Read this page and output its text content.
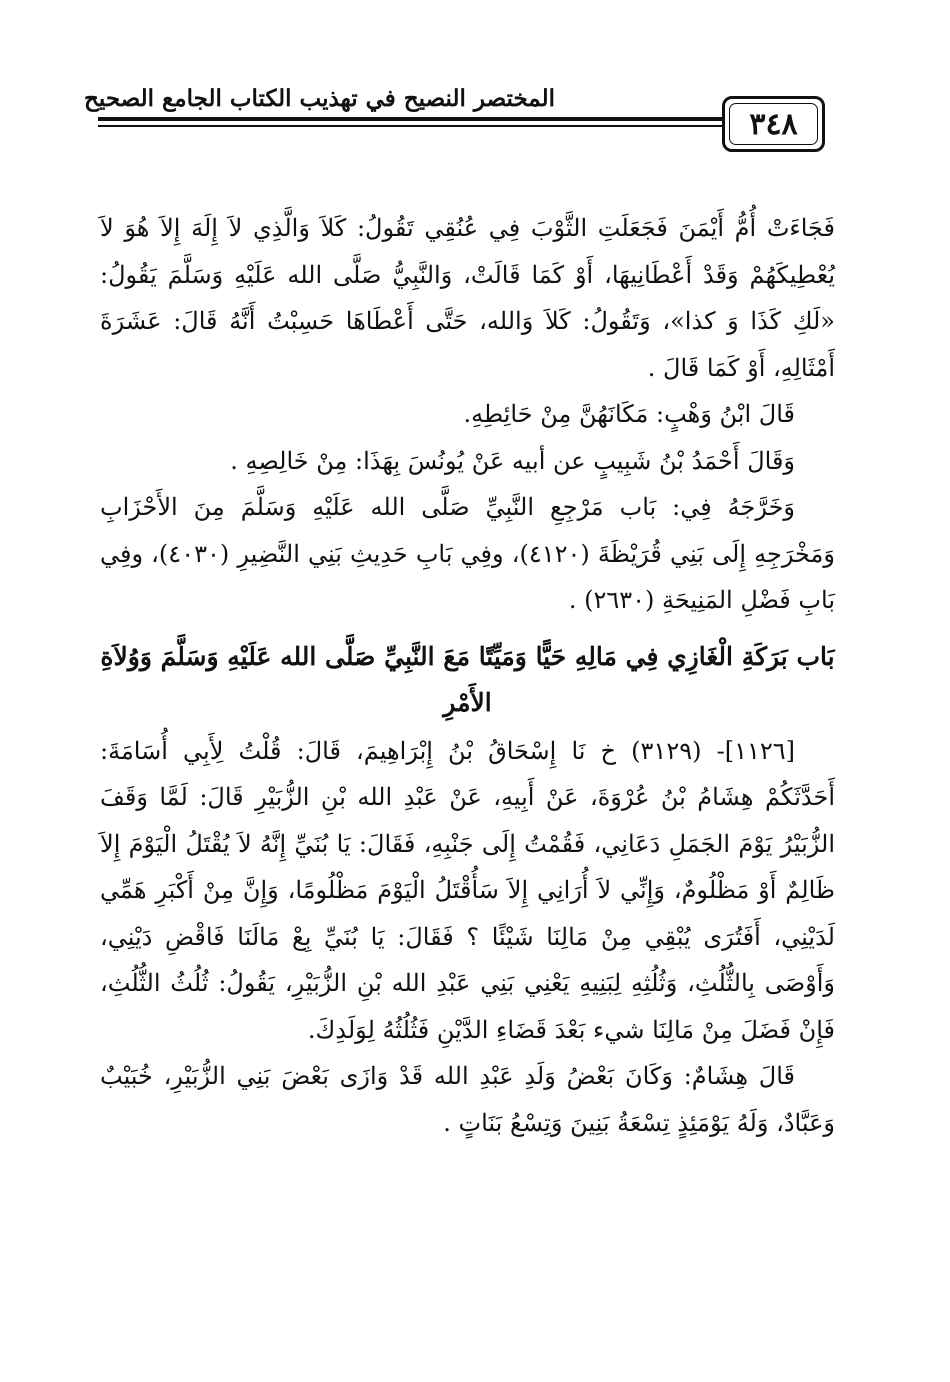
المختصر النصيح في تهذيب الكتاب الجامع الصحيح
٣٤٨

فَجَاءَتْ أُمُّ أَيْمَنَ فَجَعَلَتِ الثَّوْبَ فِي عُنُقِي تَقُولُ: كَلاَ وَالَّذِي لاَ إِلَهَ إِلاَ هُوَ لاَ يُعْطِيكَهُمْ وَقَدْ أَعْطَانِيهَا، أَوْ كَمَا قَالَتْ، وَالنَّبِيُّ صَلَّى الله عَلَيْهِ وَسَلَّمَ يَقُولُ: «لَكِ كَذَا وَ كذا»، وَتَقُولُ: كَلاَ وَالله، حَتَّى أَعْطَاهَا حَسِبْتُ أَنَّهُ قَالَ: عَشَرَةَ أَمْثَالِهِ، أَوْ كَمَا قَالَ .

قَالَ ابْنُ وَهْبٍ: مَكَانَهُنَّ مِنْ حَائِطِهِ.

وَقَالَ أَحْمَدُ بْنُ شَبِيبٍ عن أبيه عَنْ يُونُسَ بِهَذَا: مِنْ خَالِصِهِ .

وَخَرَّجَهُ فِي: بَاب مَرْجِعِ النَّبِيِّ صَلَّى الله عَلَيْهِ وَسَلَّمَ مِنَ الأَحْزَابِ وَمَخْرَجِهِ إِلَى بَنِي قُرَيْظَةَ (٤١٢٠)، وفِي بَابِ حَدِيثِ بَنِي النَّضِيرِ (٤٠٣٠)، وفِي بَابِ فَضْلِ المَنِيحَةِ (٢٦٣٠) .

بَاب بَرَكَةِ الْغَازِي فِي مَالِهِ حَيًّا وَمَيِّتًا مَعَ النَّبِيِّ صَلَّى الله عَلَيْهِ وَسَلَّمَ وَوُلاَةِ الأَمْرِ

[١١٢٦]- (٣١٢٩) خ نَا إِسْحَاقُ بْنُ إِبْرَاهِيمَ، قَالَ: قُلْتُ لِأَبِي أُسَامَةَ: أَحَدَّثَكُمْ هِشَامُ بْنُ عُرْوَةَ، عَنْ أَبِيهِ، عَنْ عَبْدِ الله بْنِ الزُّبَيْرِ قَالَ: لَمَّا وَقَفَ الزُّبَيْرُ يَوْمَ الجَمَلِ دَعَانِي، فَقُمْتُ إِلَى جَنْبِهِ، فَقَالَ: يَا بُنَيِّ إِنَّهُ لاَ يُقْتَلُ الْيَوْمَ إِلاَ ظَالِمٌ أَوْ مَظْلُومٌ، وَإِنِّي لاَ أُرَانِي إِلاَ سَأُقْتَلُ الْيَوْمَ مَظْلُومًا، وَإِنَّ مِنْ أَكْبَرِ هَمِّي لَدَيْنِي، أَفَتُرَى يُبْقِي مِنْ مَالِنَا شَيْئًا ؟ فَقَالَ: يَا بُنَيِّ بِعْ مَالَنَا فَاقْضِ دَيْنِي، وَأَوْصَى بِالثُّلُثِ، وَثُلُثِهِ لِبَنِيهِ يَعْنِي بَنِي عَبْدِ الله بْنِ الزُّبَيْرِ، يَقُولُ: ثُلُثُ الثُّلُثِ، فَإِنْ فَضَلَ مِنْ مَالِنَا شيء بَعْدَ قَضَاءِ الدَّيْنِ فَثُلُثُهُ لِوَلَدِكَ.

قَالَ هِشَامٌ: وَكَانَ بَعْضُ وَلَدِ عَبْدِ الله قَدْ وَازَى بَعْضَ بَنِي الزُّبَيْرِ، خُبَيْبٌ وَعَبَّادٌ، وَلَهُ يَوْمَئِذٍ تِسْعَةُ بَنِينَ وَتِسْعُ بَنَاتٍ .
